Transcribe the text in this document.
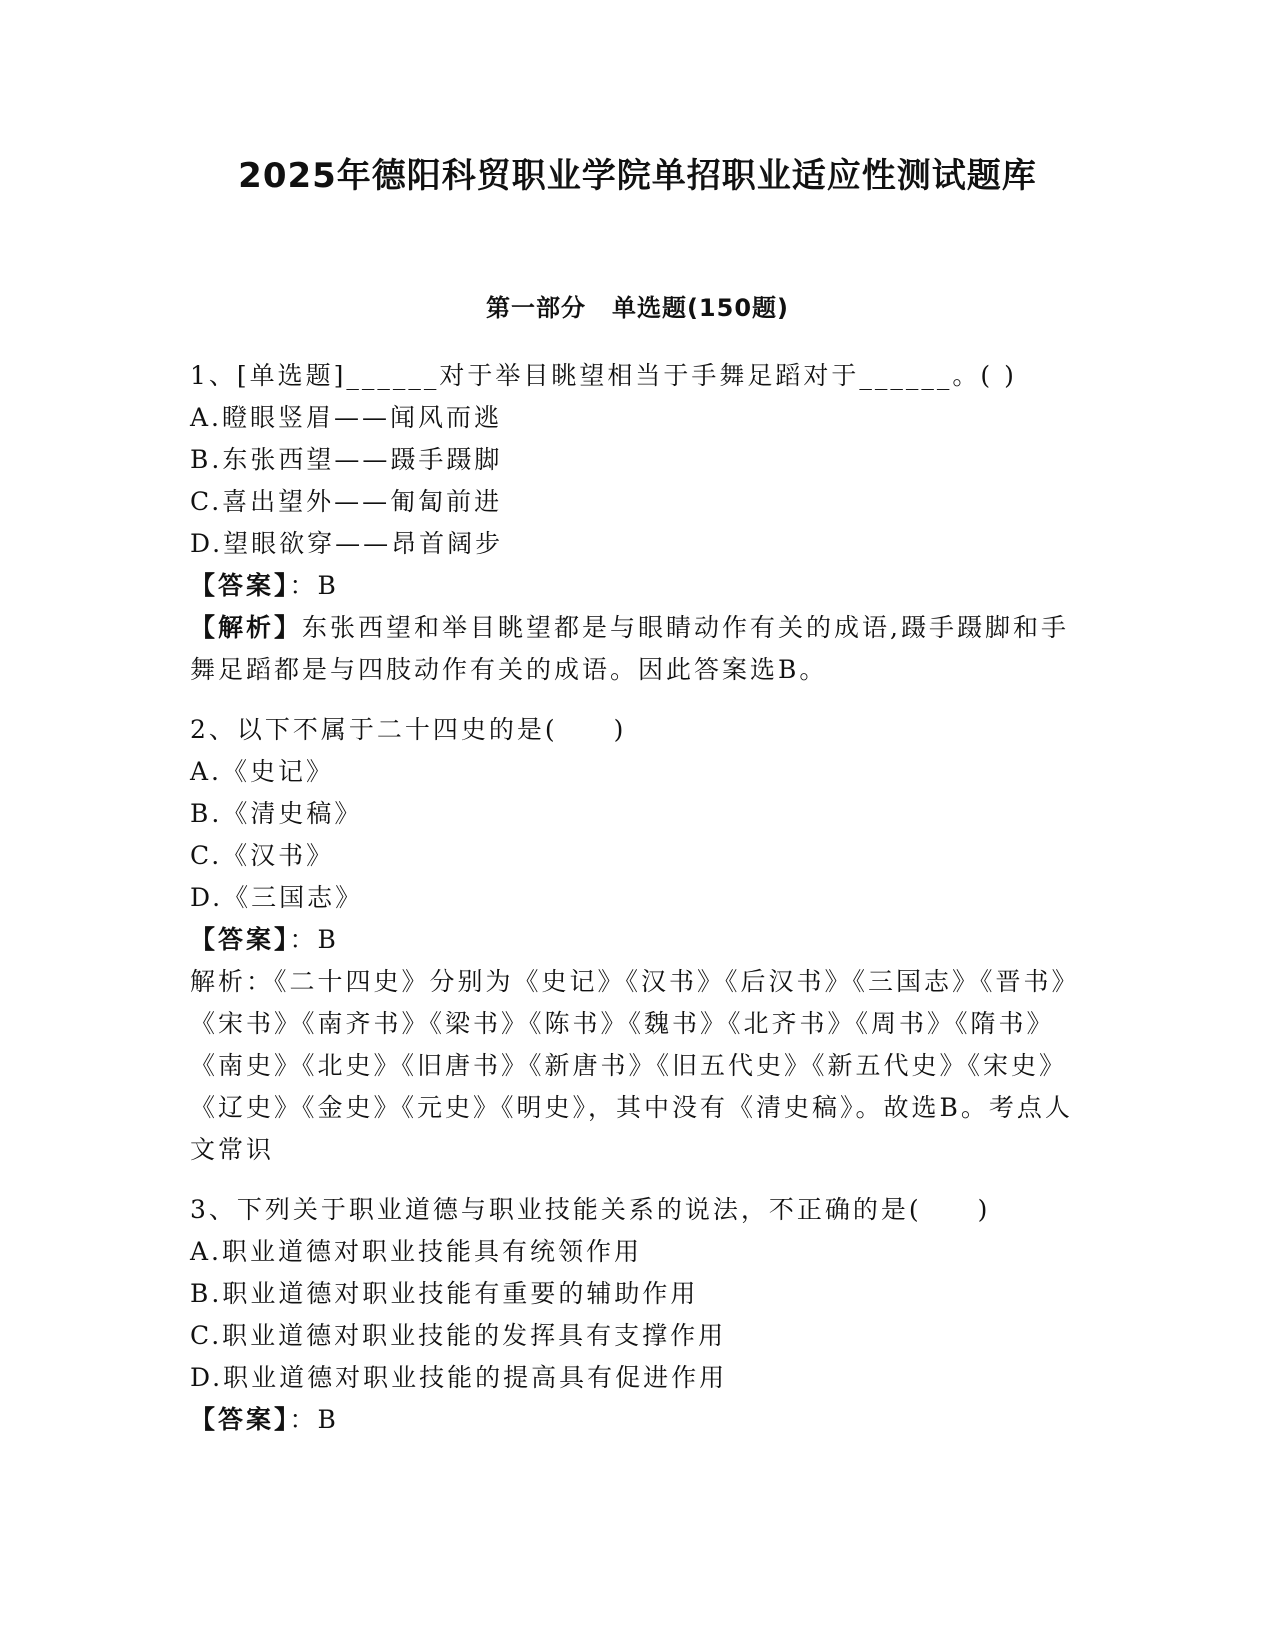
2025年德阳科贸职业学院单招职业适应性测试题库
第一部分 单选题(150题)
1、[单选题]______对于举目眺望相当于手舞足蹈对于______。( )
A.瞪眼竖眉——闻风而逃
B.东张西望——蹑手蹑脚
C.喜出望外——匍匐前进
D.望眼欲穿——昂首阔步
【答案】：B
【解析】东张西望和举目眺望都是与眼睛动作有关的成语,蹑手蹑脚和手舞足蹈都是与四肢动作有关的成语。因此答案选B。
2、以下不属于二十四史的是(　　)
A.《史记》
B.《清史稿》
C.《汉书》
D.《三国志》
【答案】：B
解析：《二十四史》分别为《史记》《汉书》《后汉书》《三国志》《晋书》《宋书》《南齐书》《梁书》《陈书》《魏书》《北齐书》《周书》《隋书》《南史》《北史》《旧唐书》《新唐书》《旧五代史》《新五代史》《宋史》《辽史》《金史》《元史》《明史》，其中没有《清史稿》。故选B。考点人文常识
3、下列关于职业道德与职业技能关系的说法，不正确的是(　　)
A.职业道德对职业技能具有统领作用
B.职业道德对职业技能有重要的辅助作用
C.职业道德对职业技能的发挥具有支撑作用
D.职业道德对职业技能的提高具有促进作用
【答案】：B
